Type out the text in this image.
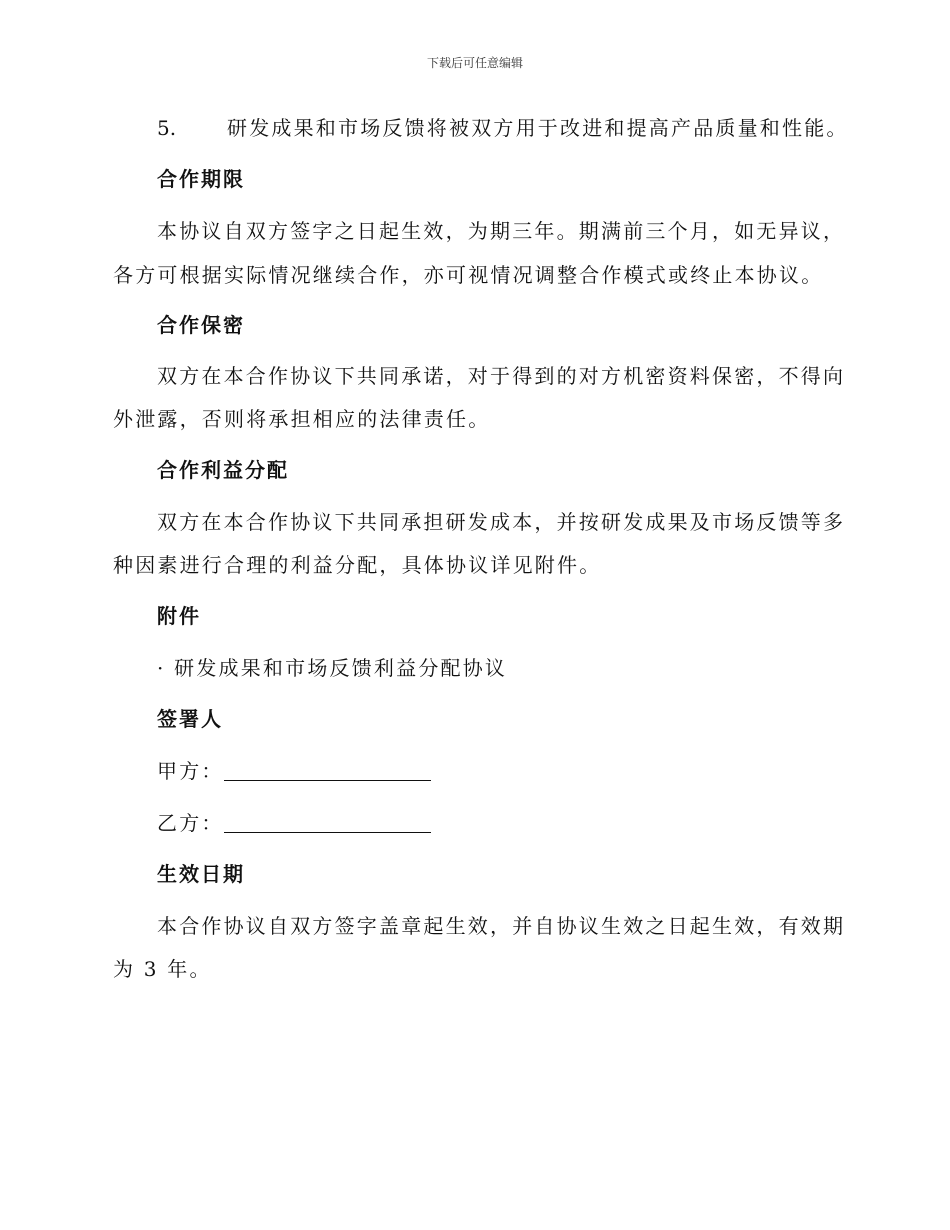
下载后可任意编辑
5.	研发成果和市场反馈将被双方用于改进和提高产品质量和性能。
合作期限
本协议自双方签字之日起生效，为期三年。期满前三个月，如无异议，
各方可根据实际情况继续合作，亦可视情况调整合作模式或终止本协议。
合作保密
双方在本合作协议下共同承诺，对于得到的对方机密资料保密，不得向
外泄露，否则将承担相应的法律责任。
合作利益分配
双方在本合作协议下共同承担研发成本，并按研发成果及市场反馈等多
种因素进行合理的利益分配，具体协议详见附件。
附件
· 研发成果和市场反馈利益分配协议
签署人
甲方：
乙方：
生效日期
本合作协议自双方签字盖章起生效，并自协议生效之日起生效，有效期
为 3 年。
